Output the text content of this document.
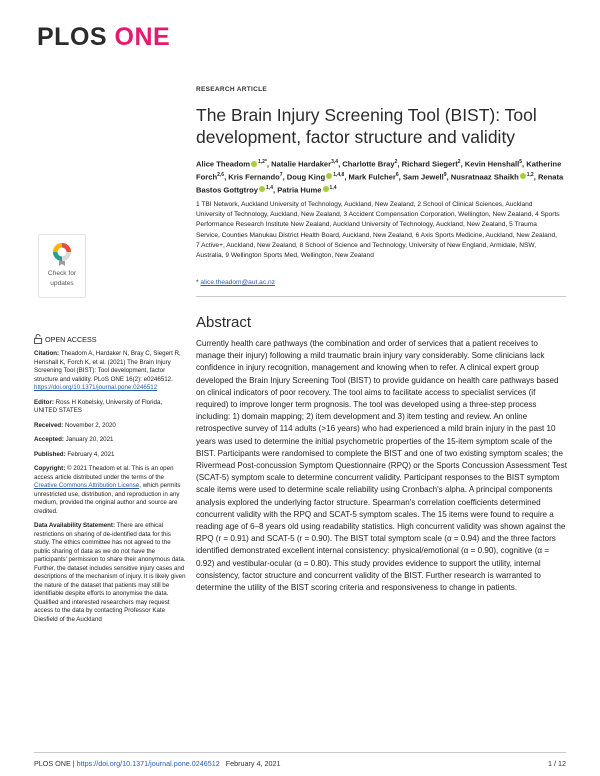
PLOS ONE
RESEARCH ARTICLE
The Brain Injury Screening Tool (BIST): Tool development, factor structure and validity
Alice Theadom $^{1,2*}$, Natalie Hardaker$^{3,4}$, Charlotte Bray$^2$, Richard Siegert$^2$, Kevin Henshall$^5$, Katherine Forch$^{2,6}$, Kris Fernando$^7$, Doug King $^{1,4,8}$, Mark Fulcher$^6$, Sam Jewell$^9$, Nusratnaaz Shaikh $^{1,2}$, Renata Bastos Gottgtroy $^{1,4}$, Patria Hume $^{1,4}$
1 TBI Network, Auckland University of Technology, Auckland, New Zealand, 2 School of Clinical Sciences, Auckland University of Technology, Auckland, New Zealand, 3 Accident Compensation Corporation, Wellington, New Zealand, 4 Sports Performance Research Institute New Zealand, Auckland University of Technology, Auckland, New Zealand, 5 Trauma Service, Counties Manukau District Health Board, Auckland, New Zealand, 6 Axis Sports Medicine, Auckland, New Zealand, 7 Active+, Auckland, New Zealand, 8 School of Science and Technology, University of New England, Armidale, NSW, Australia, 9 Wellington Sports Med, Wellington, New Zealand
* alice.theadom@aut.ac.nz
Abstract
Currently health care pathways (the combination and order of services that a patient receives to manage their injury) following a mild traumatic brain injury vary considerably. Some clinicians lack confidence in injury recognition, management and knowing when to refer. A clinical expert group developed the Brain Injury Screening Tool (BIST) to provide guidance on health care pathways based on clinical indicators of poor recovery. The tool aims to facilitate access to specialist services (if required) to improve longer term prognosis. The tool was developed using a three-step process including: 1) domain mapping; 2) item development and 3) item testing and review. An online retrospective survey of 114 adults (>16 years) who had experienced a mild brain injury in the past 10 years was used to determine the initial psychometric properties of the 15-item symptom scale of the BIST. Participants were randomised to complete the BIST and one of two existing symptom scales; the Rivermead Post-concussion Symptom Questionnaire (RPQ) or the Sports Concussion Assessment Test (SCAT-5) symptom scale to determine concurrent validity. Participant responses to the BIST symptom scale items were used to determine scale reliability using Cronbach's alpha. A principal components analysis explored the underlying factor structure. Spearman's correlation coefficients determined concurrent validity with the RPQ and SCAT-5 symptom scales. The 15 items were found to require a reading age of 6–8 years old using readability statistics. High concurrent validity was shown against the RPQ (r = 0.91) and SCAT-5 (r = 0.90). The BIST total symptom scale (α = 0.94) and the three factors identified demonstrated excellent internal consistency: physical/emotional (α = 0.90), cognitive (α = 0.92) and vestibular-ocular (α = 0.80). This study provides evidence to support the utility, internal consistency, factor structure and concurrent validity of the BIST. Further research is warranted to determine the utility of the BIST scoring criteria and responsiveness to change in patients.
Check for
updates
OPEN ACCESS

Citation: Theadom A, Hardaker N, Bray C, Siegert R, Henshall K, Forch K, et al. (2021) The Brain Injury Screening Tool (BIST): Tool development, factor structure and validity. PLoS ONE 16(2): e0246512. https://doi.org/10.1371/journal.pone.0246512

Editor: Ross H Kobelsky, University of Florida, UNITED STATES

Received: November 2, 2020

Accepted: January 20, 2021

Published: February 4, 2021

Copyright: © 2021 Theadom et al. This is an open access article distributed under the terms of the Creative Commons Attribution License, which permits unrestricted use, distribution, and reproduction in any medium, provided the original author and source are credited.

Data Availability Statement: There are ethical restrictions on sharing of de-identified data for this study. The ethics committee has not agreed to the public sharing of data as we do not have the participants' permission to share their anonymous data. Further, the dataset includes sensitive injury cases and descriptions of the mechanism of injury. It is likely given the nature of the dataset that patients may still be identifiable despite efforts to anonymise the data. Qualified and interested researchers may request access to the data by contacting Professor Kate Diesfield of the Auckland

PLOS ONE | https://doi.org/10.1371/journal.pone.0246512 February 4, 2021	1 / 12
